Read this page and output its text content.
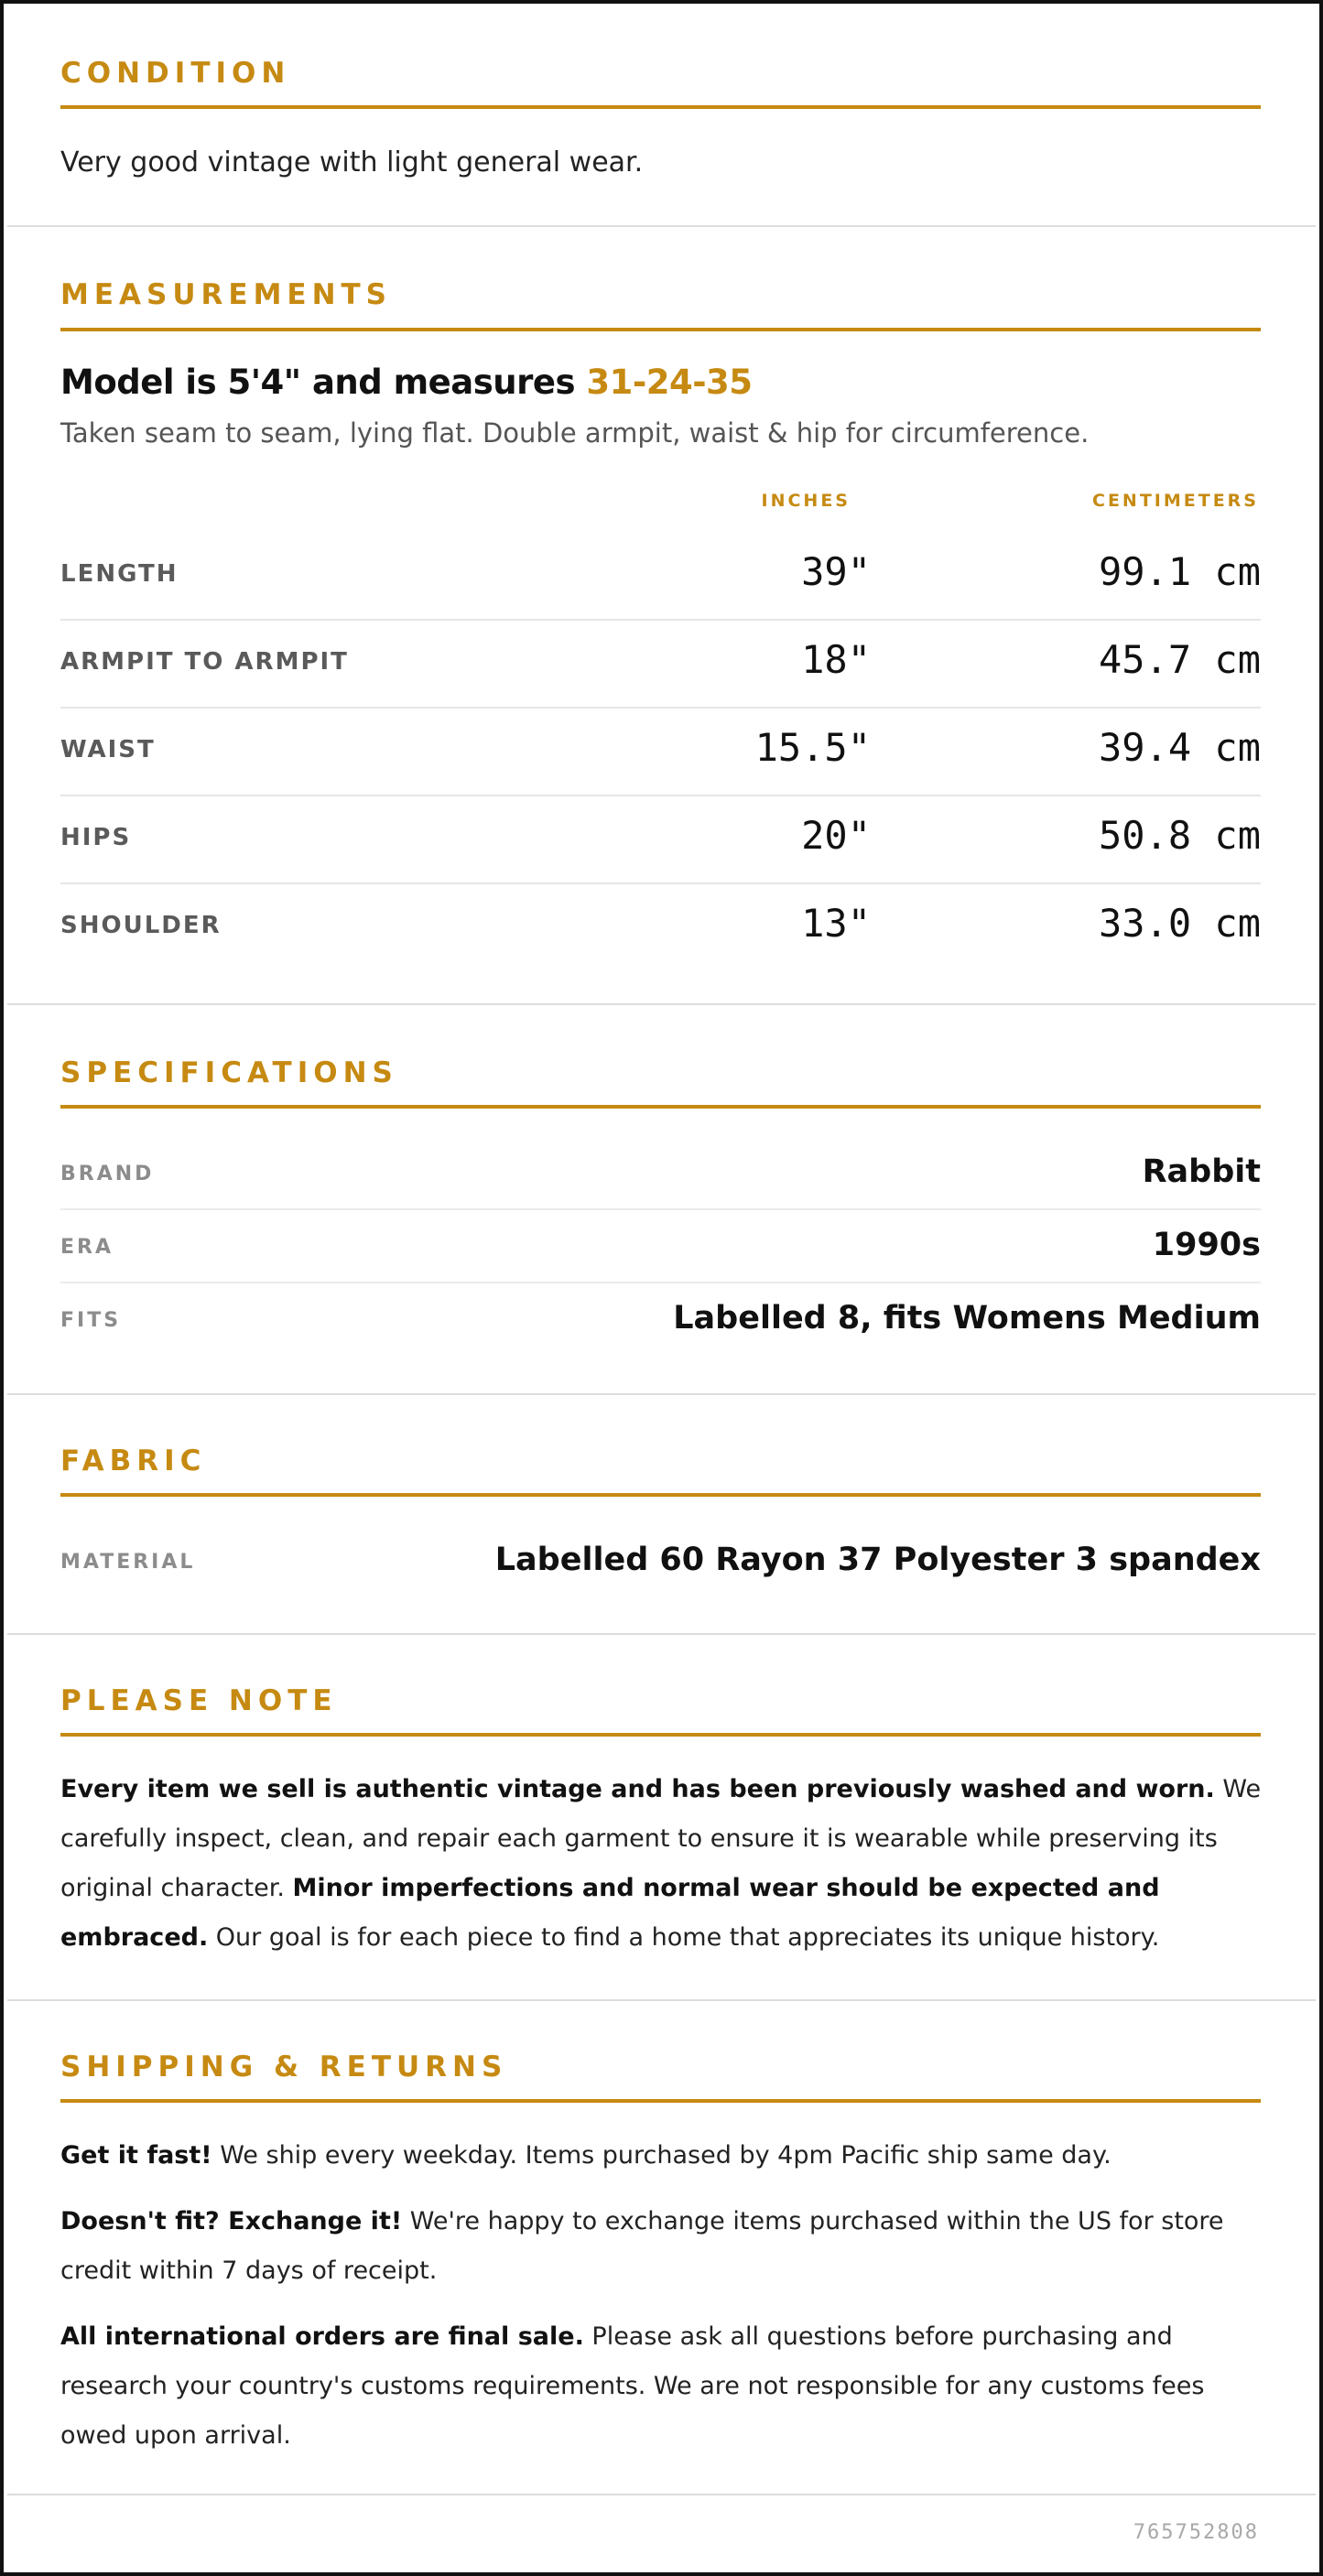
CONDITION
Very good vintage with light general wear.
MEASUREMENTS
Model is 5'4" and measures 31-24-35
Taken seam to seam, lying flat. Double armpit, waist & hip for circumference.
INCHES	CENTIMETERS
LENGTH	39"	99.1 cm
ARMPIT TO ARMPIT	18"	45.7 cm
WAIST	15.5"	39.4 cm
HIPS	20"	50.8 cm
SHOULDER	13"	33.0 cm
SPECIFICATIONS
BRAND	Rabbit
ERA	1990s
FITS	Labelled 8, fits Womens Medium
FABRIC
MATERIAL	Labelled 60 Rayon 37 Polyester 3 spandex
PLEASE NOTE
Every item we sell is authentic vintage and has been previously washed and worn. We carefully inspect, clean, and repair each garment to ensure it is wearable while preserving its original character. Minor imperfections and normal wear should be expected and embraced. Our goal is for each piece to find a home that appreciates its unique history.
SHIPPING & RETURNS
Get it fast! We ship every weekday. Items purchased by 4pm Pacific ship same day.
Doesn't fit? Exchange it! We're happy to exchange items purchased within the US for store credit within 7 days of receipt.
All international orders are final sale. Please ask all questions before purchasing and research your country's customs requirements. We are not responsible for any customs fees owed upon arrival.
765752808
